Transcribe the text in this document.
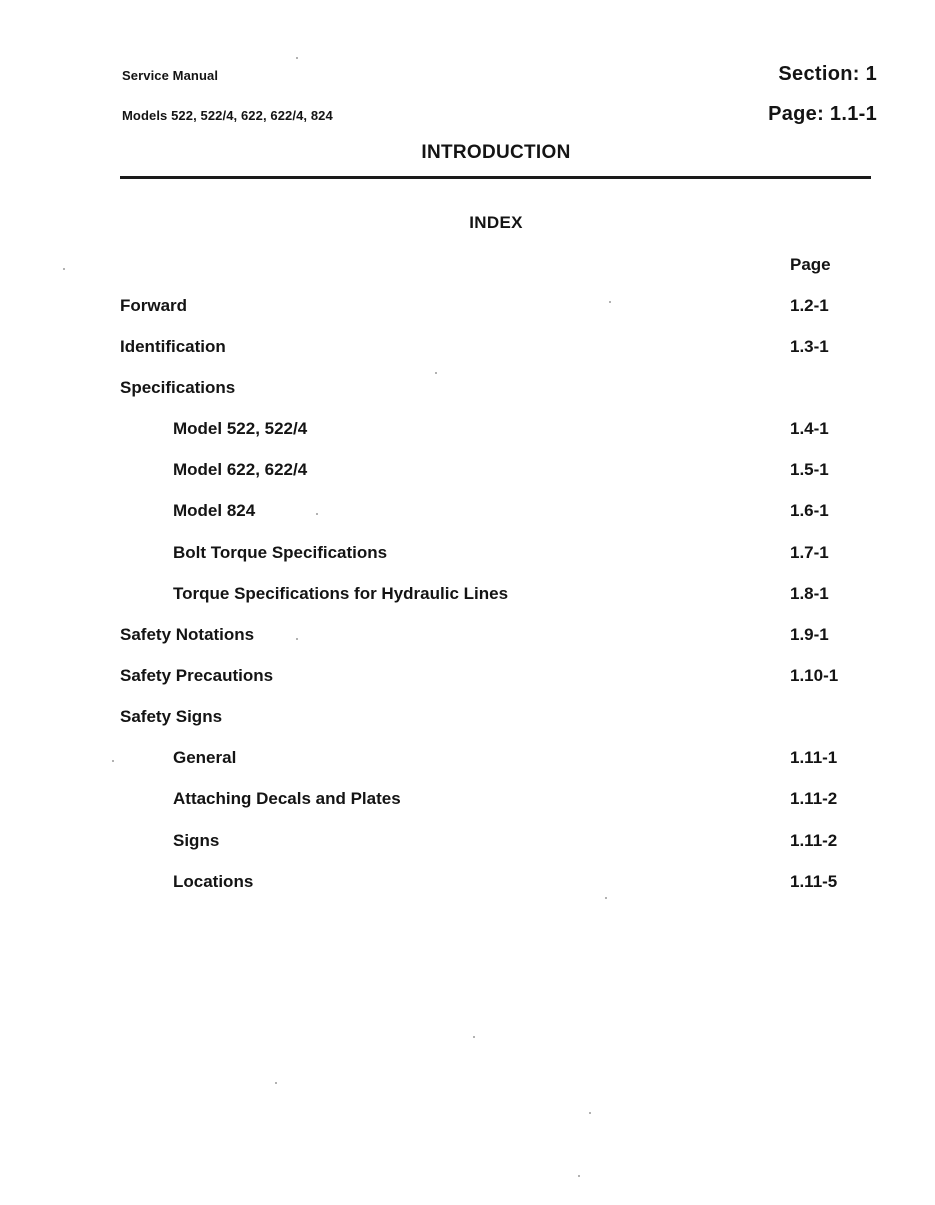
Service Manual
Models 522, 522/4, 622, 622/4, 824
Section: 1
Page: 1.1-1
INTRODUCTION
INDEX
Page
Forward	1.2-1
Identification	1.3-1
Specifications
Model 522, 522/4	1.4-1
Model 622, 622/4	1.5-1
Model 824	1.6-1
Bolt Torque Specifications	1.7-1
Torque Specifications for Hydraulic Lines	1.8-1
Safety Notations	1.9-1
Safety Precautions	1.10-1
Safety Signs
General	1.11-1
Attaching Decals and Plates	1.11-2
Signs	1.11-2
Locations	1.11-5
